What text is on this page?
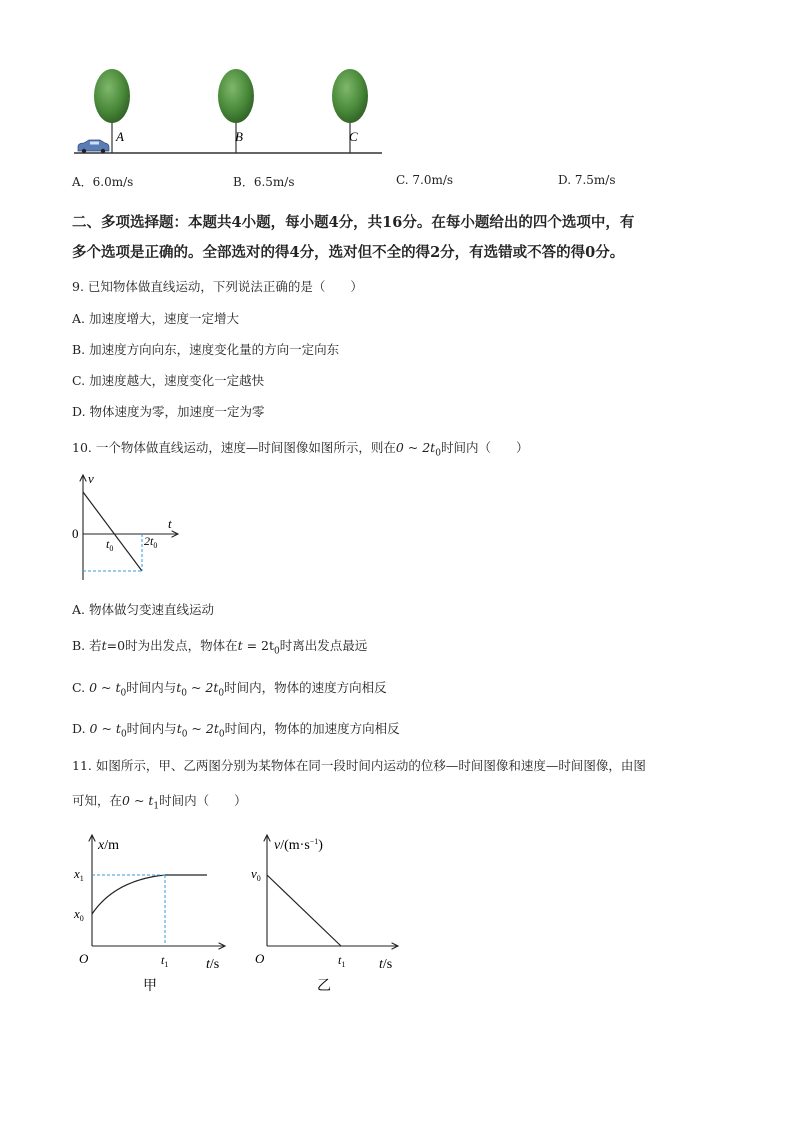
A	B	C
A．6.0m/s	B．6.5m/s	C. 7.0m/s	D. 7.5m/s
二、多项选择题：本题共4小题，每小题4分，共16分。在每小题给出的四个选项中，有
多个选项是正确的。全部选对的得4分，选对但不全的得2分，有选错或不答的得0分。
9. 已知物体做直线运动，下列说法正确的是（　　）
A. 加速度增大，速度一定增大
B. 加速度方向向东，速度变化量的方向一定向东
C. 加速度越大，速度变化一定越快
D. 物体速度为零，加速度一定为零
10. 一个物体做直线运动，速度—时间图像如图所示，则在0 ~ $2t_0$时间内（　　）
v
t
0
$t_0$
$2t_0$
A. 物体做匀变速直线运动
B. 若t=0时为出发点，物体在$t = 2t_0$时离出发点最远
C. 0 ~ $t_0$时间内与$t_0$ ~ $2t_0$时间内，物体的速度方向相反
D. 0 ~ $t_0$时间内与$t_0$ ~ $2t_0$时间内，物体的加速度方向相反
11. 如图所示，甲、乙两图分别为某物体在同一段时间内运动的位移—时间图像和速度—时间图像，由图
可知，在0 ~ $t_1$时间内（　　）
x/m
$x_1$
$x_0$
O	$t_1$	t/s
甲
$v/(m\cdot s^{-1})$
$v_0$
O	$t_1$ t/s
乙
